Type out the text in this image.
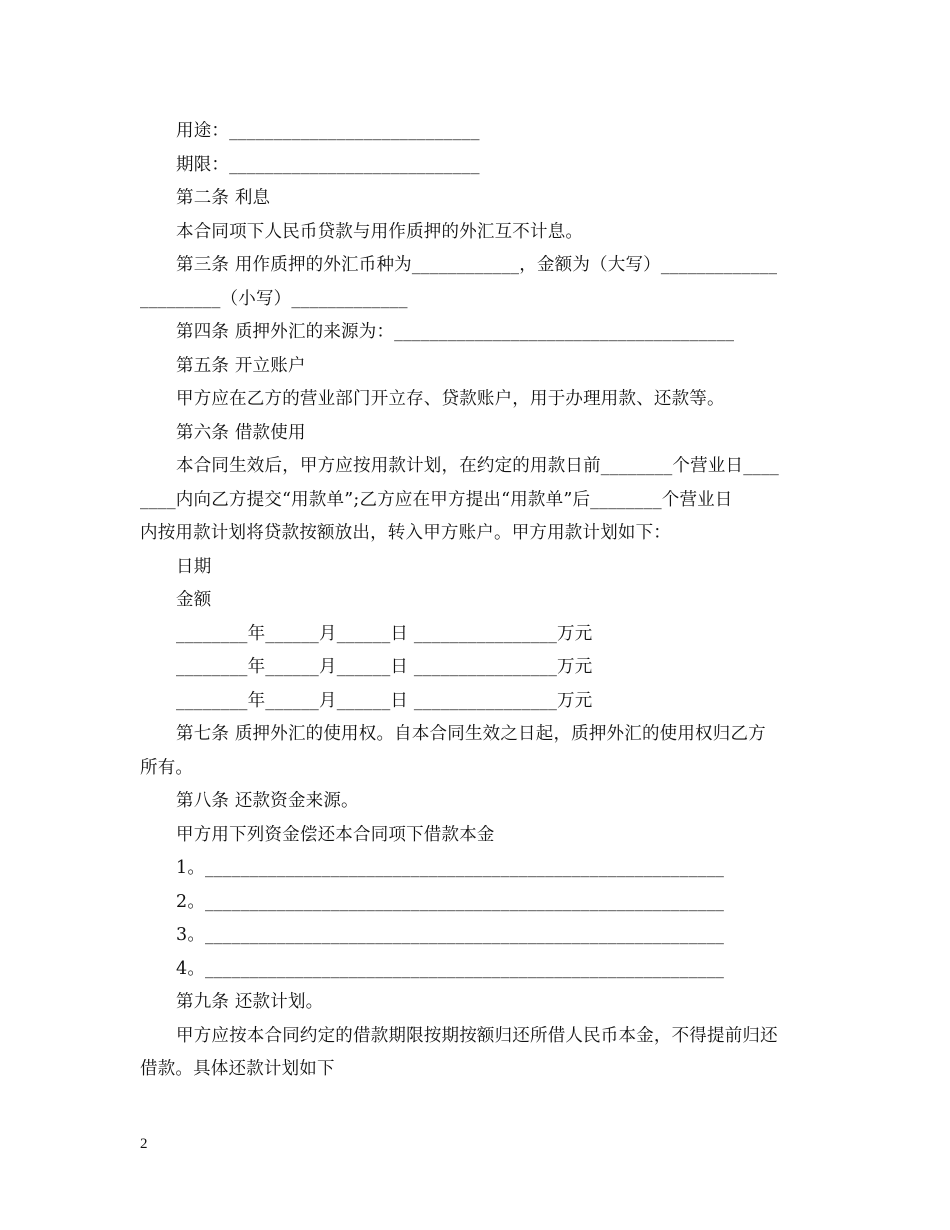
用途：____________________________
期限：____________________________
第二条 利息
本合同项下人民币贷款与用作质押的外汇互不计息。
第三条 用作质押的外汇币种为____________，金额为（大写）_____________
_________（小写）_____________
第四条 质押外汇的来源为：______________________________________
第五条 开立账户
甲方应在乙方的营业部门开立存、贷款账户，用于办理用款、还款等。
第六条 借款使用
本合同生效后，甲方应按用款计划，在约定的用款日前________个营业日____
____内向乙方提交“用款单”;乙方应在甲方提出“用款单”后________个营业日
内按用款计划将贷款按额放出，转入甲方账户。甲方用款计划如下：
日期
金额
________年______月______日 ________________万元
________年______月______日 ________________万元
________年______月______日 ________________万元
第七条 质押外汇的使用权。自本合同生效之日起，质押外汇的使用权归乙方
所有。
第八条 还款资金来源。
甲方用下列资金偿还本合同项下借款本金
1。__________________________________________________________
2。__________________________________________________________
3。__________________________________________________________
4。__________________________________________________________
第九条 还款计划。
甲方应按本合同约定的借款期限按期按额归还所借人民币本金，不得提前归还
借款。具体还款计划如下
2
